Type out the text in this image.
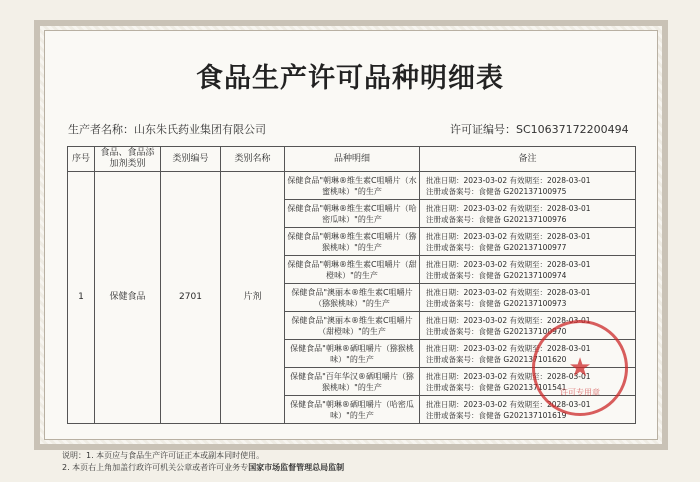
食品生产许可品种明细表
生产者名称：山东朱氏药业集团有限公司	许可证编号：SC10637172200494
序号	食品、食品添加剂类别	类别编号	类别名称	品种明细	备注
1	保健食品	2701	片剂	保健食品"朝琳®维生素C咀嚼片（水蜜桃味）"的生产	批准日期：2023-03-02 有效期至：2028-03-01
注册或备案号：食健备 G202137100975

				保健食品"朝琳®维生素C咀嚼片（哈密瓜味）"的生产	批准日期：2023-03-02 有效期至：2028-03-01
注册或备案号：食健备 G202137100976

				保健食品"朝琳®维生素C咀嚼片（猕猴桃味）"的生产	批准日期：2023-03-02 有效期至：2028-03-01
注册或备案号：食健备 G202137100977

				保健食品"朝琳®维生素C咀嚼片（甜橙味）"的生产	批准日期：2023-03-02 有效期至：2028-03-01
注册或备案号：食健备 G202137100974

				保健食品"澳丽本®维生素C咀嚼片（猕猴桃味）"的生产	批准日期：2023-03-02 有效期至：2028-03-01
注册或备案号：食健备 G202137100973

				保健食品"澳丽本®维生素C咀嚼片（甜橙味）"的生产	批准日期：2023-03-02 有效期至：2028-03-01
注册或备案号：食健备 G202137100970

				保健食品"朝琳®硒咀嚼片（猕猴桃味）"的生产	批准日期：2023-03-02 有效期至：2028-03-01
注册或备案号：食健备 G202137101620

				保健食品"百年华汉®硒咀嚼片（猕猴桃味）"的生产	批准日期：2023-03-02 有效期至：2028-03-01
注册或备案号：食健备 G202137101541

				保健食品"朝琳®硒咀嚼片（哈密瓜味）"的生产	批准日期：2023-03-02 有效期至：2028-03-01
注册或备案号：食健备 G202137101619
说明：1. 本页应与食品生产许可证正本或副本同时使用。
2. 本页右上角加盖行政许可机关公章或者许可业务专国家市场监督管理总局监制
★
许可专用章
